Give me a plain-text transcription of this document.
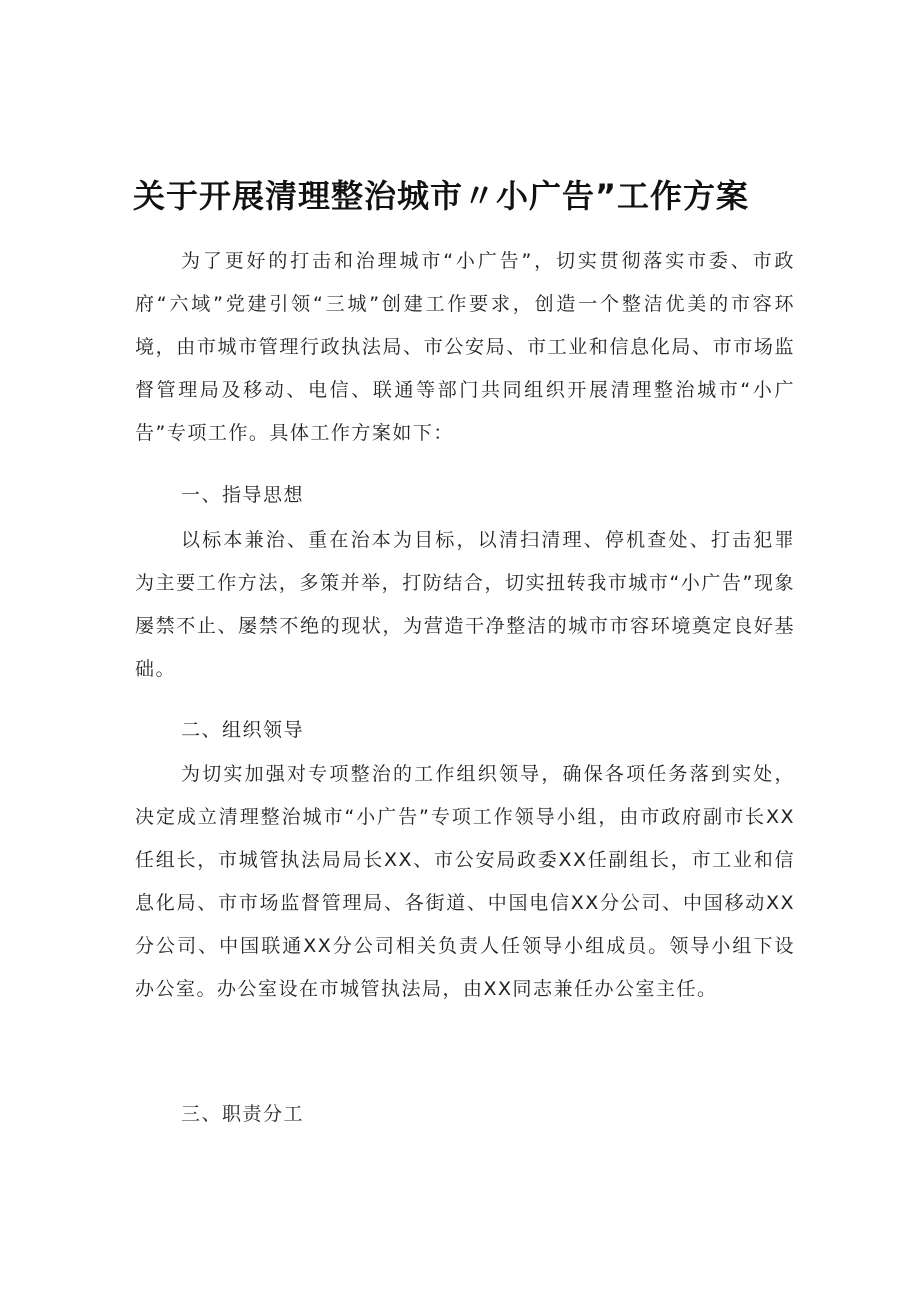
关于开展清理整治城市〃小广告”工作方案

为了更好的打击和治理城市“小广告”，切实贯彻落实市委、市政府“六域”党建引领“三城”创建工作要求，创造一个整洁优美的市容环境，由市城市管理行政执法局、市公安局、市工业和信息化局、市市场监督管理局及移动、电信、联通等部门共同组织开展清理整治城市“小广告”专项工作。具体工作方案如下：

一、指导思想

以标本兼治、重在治本为目标，以清扫清理、停机查处、打击犯罪为主要工作方法，多策并举，打防结合，切实扭转我市城市“小广告”现象屡禁不止、屡禁不绝的现状，为营造干净整洁的城市市容环境奠定良好基础。

二、组织领导

为切实加强对专项整治的工作组织领导，确保各项任务落到实处，决定成立清理整治城市“小广告”专项工作领导小组，由市政府副市长XX任组长，市城管执法局局长XX、市公安局政委XX任副组长，市工业和信息化局、市市场监督管理局、各街道、中国电信XX分公司、中国移动XX分公司、中国联通XX分公司相关负责人任领导小组成员。领导小组下设办公室。办公室设在市城管执法局，由XX同志兼任办公室主任。

三、职责分工
